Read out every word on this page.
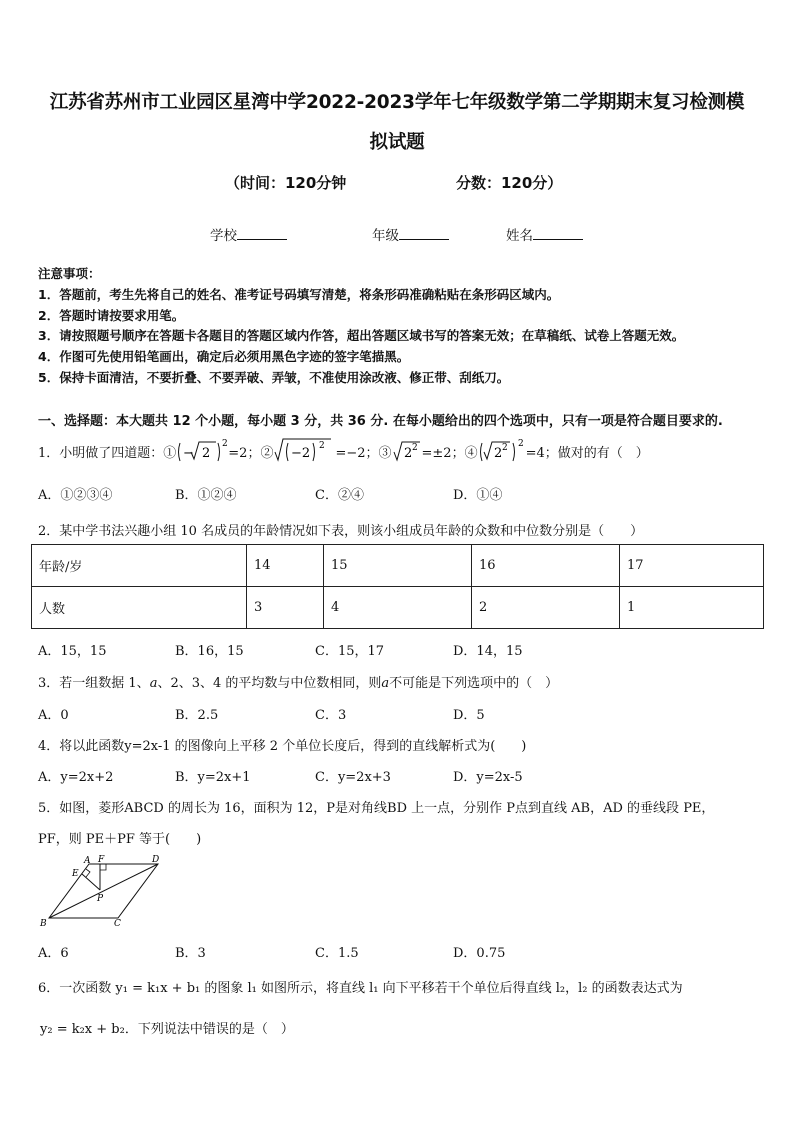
江苏省苏州市工业园区星湾中学2022-2023学年七年级数学第二学期期末复习检测模
拟试题
（时间：120分钟	分数：120分）
学校	年级	姓名
注意事项：
1．答题前，考生先将自己的姓名、准考证号码填写清楚，将条形码准确粘贴在条形码区域内。
2．答题时请按要求用笔。
3．请按照题号顺序在答题卡各题目的答题区域内作答，超出答题区域书写的答案无效；在草稿纸、试卷上答题无效。
4．作图可先使用铅笔画出，确定后必须用黑色字迹的签字笔描黑。
5．保持卡面清洁，不要折叠、不要弄破、弄皱，不准使用涂改液、修正带、刮纸刀。
一、选择题：本大题共 12 个小题，每小题 3 分，共 36 分. 在每小题给出的四个选项中，只有一项是符合题目要求的.
1．小明做了四道题：① − 2
2
=2；② −2 2 =−2；③ 2 2 =±2；④ 2 2 2
=4；做对的有（　）
A．①②③④	B．①②④	C．②④	D．①④
2．某中学书法兴趣小组 10 名成员的年龄情况如下表，则该小组成员年龄的众数和中位数分别是（　　）
年龄/岁	14	15	16	17
人数	3	4	2	1
A．15，15	B．16，15	C．15，17	D．14，15
3．若一组数据 1、a、2、3、4 的平均数与中位数相同，则a不可能是下列选项中的（　）
A．0	B．2.5	C．3	D．5
4．将以此函数y=2x-1 的图像向上平移 2 个单位长度后，得到的直线解析式为(　　)
A．y=2x+2	B．y=2x+1	C．y=2x+3	D．y=2x-5
5．如图，菱形ABCD 的周长为 16，面积为 12，P是对角线BD 上一点，分别作 P点到直线 AB，AD 的垂线段 PE，
PF，则 PE＋PF 等于(　　)
A F	D
E
P
B	C
A．6	B．3	C．1.5	D．0.75
6．一次函数 y₁ = k₁x + b₁ 的图象 l₁ 如图所示，将直线 l₁ 向下平移若干个单位后得直线 l₂，l₂ 的函数表达式为
y₂ = k₂x + b₂．下列说法中错误的是（　）
